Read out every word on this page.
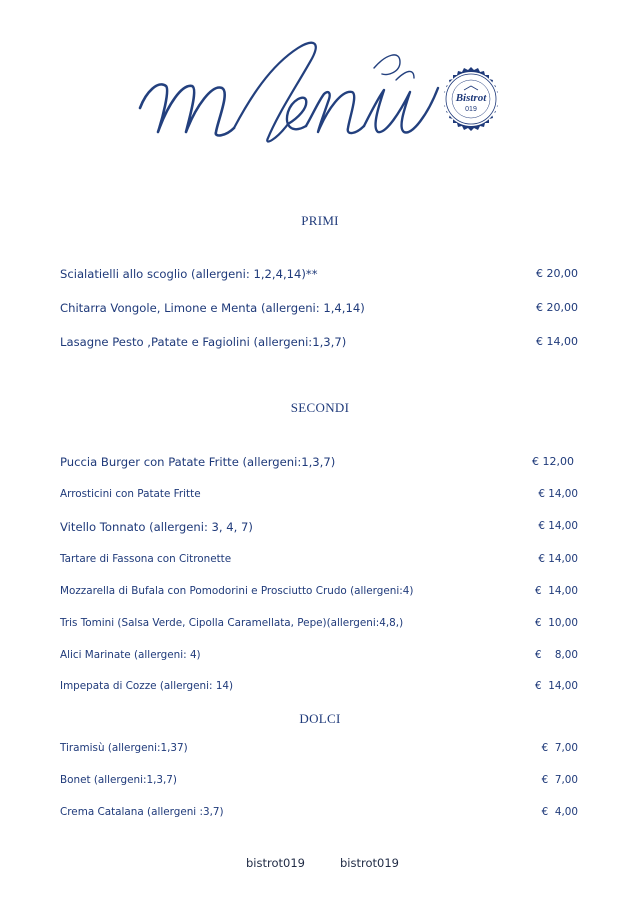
Bistrot
019
PRIMI
Scialatielli allo scoglio (allergeni: 1,2,4,14)**	€ 20,00
Chitarra Vongole, Limone e Menta (allergeni: 1,4,14)	€ 20,00
Lasagne Pesto ,Patate e Fagiolini (allergeni:1,3,7)	€ 14,00
SECONDI
Puccia Burger con Patate Fritte (allergeni:1,3,7)	€ 12,00
Arrosticini con Patate Fritte	€ 14,00
Vitello Tonnato (allergeni: 3, 4, 7)	€ 14,00
Tartare di Fassona con Citronette	€ 14,00
Mozzarella di Bufala con Pomodorini e Prosciutto Crudo (allergeni:4)	€  14,00
Tris Tomini (Salsa Verde, Cipolla Caramellata, Pepe)(allergeni:4,8,)	€  10,00
Alici Marinate (allergeni: 4)	€    8,00
Impepata di Cozze (allergeni: 14)	€  14,00
DOLCI
Tiramisù (allergeni:1,37)	€  7,00
Bonet (allergeni:1,3,7)	€  7,00
Crema Catalana (allergeni :3,7)	€  4,00
bistrot019	bistrot019
